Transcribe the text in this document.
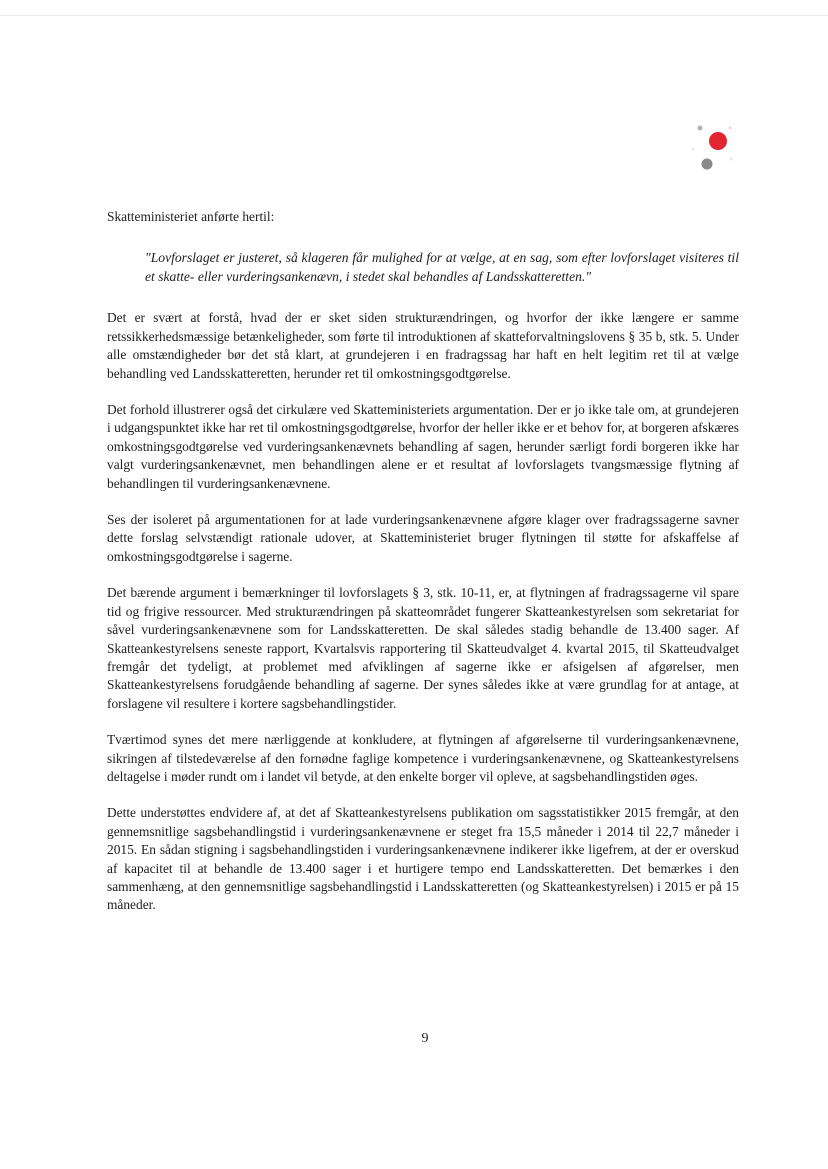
Skatteministeriet anførte hertil:

"Lovforslaget er justeret, så klageren får mulighed for at vælge, at en sag, som efter lovforslaget visiteres til et skatte- eller vurderingsankenævn, i stedet skal behandles af Landsskatteretten."

Det er svært at forstå, hvad der er sket siden strukturændringen, og hvorfor der ikke længere er samme retssikkerhedsmæssige betænkeligheder, som førte til introduktionen af skatteforvaltningslovens § 35 b, stk. 5. Under alle omstændigheder bør det stå klart, at grundejeren i en fradragssag har haft en helt legitim ret til at vælge behandling ved Landsskatteretten, herunder ret til omkostningsgodtgørelse.

Det forhold illustrerer også det cirkulære ved Skatteministeriets argumentation. Der er jo ikke tale om, at grundejeren i udgangspunktet ikke har ret til omkostningsgodtgørelse, hvorfor der heller ikke er et behov for, at borgeren afskæres omkostningsgodtgørelse ved vurderingsankenævnets behandling af sagen, herunder særligt fordi borgeren ikke har valgt vurderingsankenævnet, men behandlingen alene er et resultat af lovforslagets tvangsmæssige flytning af behandlingen til vurderingsankenævnene.

Ses der isoleret på argumentationen for at lade vurderingsankenævnene afgøre klager over fradragssagerne savner dette forslag selvstændigt rationale udover, at Skatteministeriet bruger flytningen til støtte for afskaffelse af omkostningsgodtgørelse i sagerne.

Det bærende argument i bemærkninger til lovforslagets § 3, stk. 10-11, er, at flytningen af fradragssagerne vil spare tid og frigive ressourcer. Med strukturændringen på skatteområdet fungerer Skatteankestyrelsen som sekretariat for såvel vurderingsankenævnene som for Landsskatteretten. De skal således stadig behandle de 13.400 sager. Af Skatteankestyrelsens seneste rapport, Kvartalsvis rapportering til Skatteudvalget 4. kvartal 2015, til Skatteudvalget fremgår det tydeligt, at problemet med afviklingen af sagerne ikke er afsigelsen af afgørelser, men Skatteankestyrelsens forudgående behandling af sagerne. Der synes således ikke at være grundlag for at antage, at forslagene vil resultere i kortere sagsbehandlingstider.

Tværtimod synes det mere nærliggende at konkludere, at flytningen af afgørelserne til vurderingsankenævnene, sikringen af tilstedeværelse af den fornødne faglige kompetence i vurderingsankenævnene, og Skatteankestyrelsens deltagelse i møder rundt om i landet vil betyde, at den enkelte borger vil opleve, at sagsbehandlingstiden øges.

Dette understøttes endvidere af, at det af Skatteankestyrelsens publikation om sagsstatistikker 2015 fremgår, at den gennemsnitlige sagsbehandlingstid i vurderingsankenævnene er steget fra 15,5 måneder i 2014 til 22,7 måneder i 2015. En sådan stigning i sagsbehandlingstiden i vurderingsankenævnene indikerer ikke ligefrem, at der er overskud af kapacitet til at behandle de 13.400 sager i et hurtigere tempo end Landsskatteretten. Det bemærkes i den sammenhæng, at den gennemsnitlige sagsbehandlingstid i Landsskatteretten (og Skatteankestyrelsen) i 2015 er på 15 måneder.

9
